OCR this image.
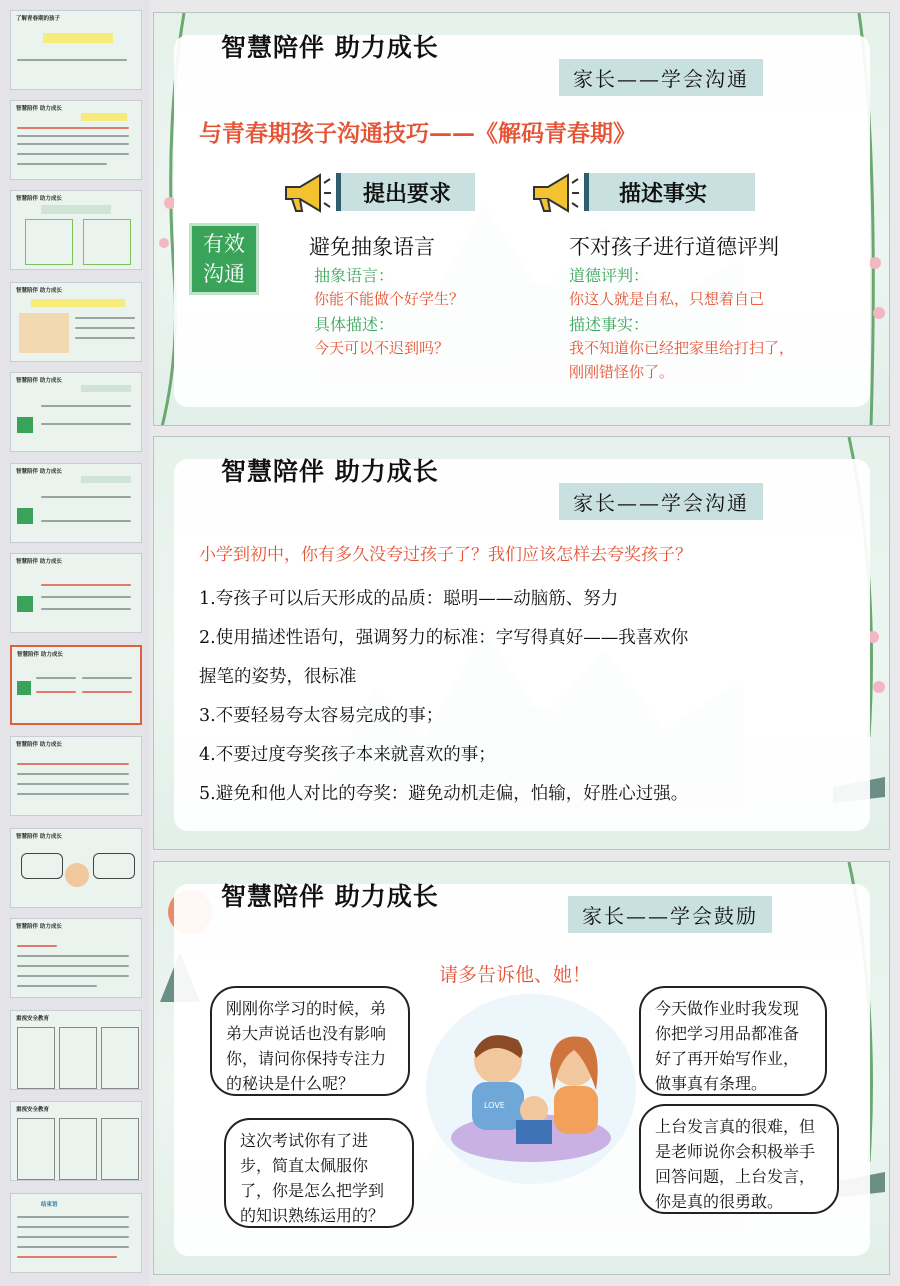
了解青春期的孩子
智慧陪伴 助力成长
智慧陪伴 助力成长
智慧陪伴 助力成长
智慧陪伴 助力成长
智慧陪伴 助力成长
智慧陪伴 助力成长
智慧陪伴 助力成长
智慧陪伴 助力成长
智慧陪伴 助力成长
智慧陪伴 助力成长
重视安全教育
重视安全教育
结束语
智慧陪伴 助力成长
家长——学会沟通
与青春期孩子沟通技巧——《解码青春期》
提出要求	描述事实
有效
沟通
避免抽象语言
抽象语言：
你能不能做个好学生？
具体描述：
今天可以不迟到吗？
不对孩子进行道德评判
道德评判：
你这人就是自私，只想着自己
描述事实：
我不知道你已经把家里给打扫了，
刚刚错怪你了。
智慧陪伴 助力成长
家长——学会沟通
小学到初中，你有多久没夸过孩子了？我们应该怎样去夸奖孩子？
1.夸孩子可以后天形成的品质：聪明——动脑筋、努力
2.使用描述性语句，强调努力的标准：字写得真好——我喜欢你
握笔的姿势，很标准
3.不要轻易夸太容易完成的事；
4.不要过度夸奖孩子本来就喜欢的事；
5.避免和他人对比的夸奖：避免动机走偏，怕输，好胜心过强。
智慧陪伴 助力成长
家长——学会鼓励
请多告诉他、她！
LOVE
刚刚你学习的时候，弟弟大声说话也没有影响你，请问你保持专注力的秘诀是什么呢？
今天做作业时我发现你把学习用品都准备好了再开始写作业，做事真有条理。
这次考试你有了进步，简直太佩服你了，你是怎么把学到的知识熟练运用的？
上台发言真的很难，但是老师说你会积极举手回答问题，上台发言，你是真的很勇敢。
